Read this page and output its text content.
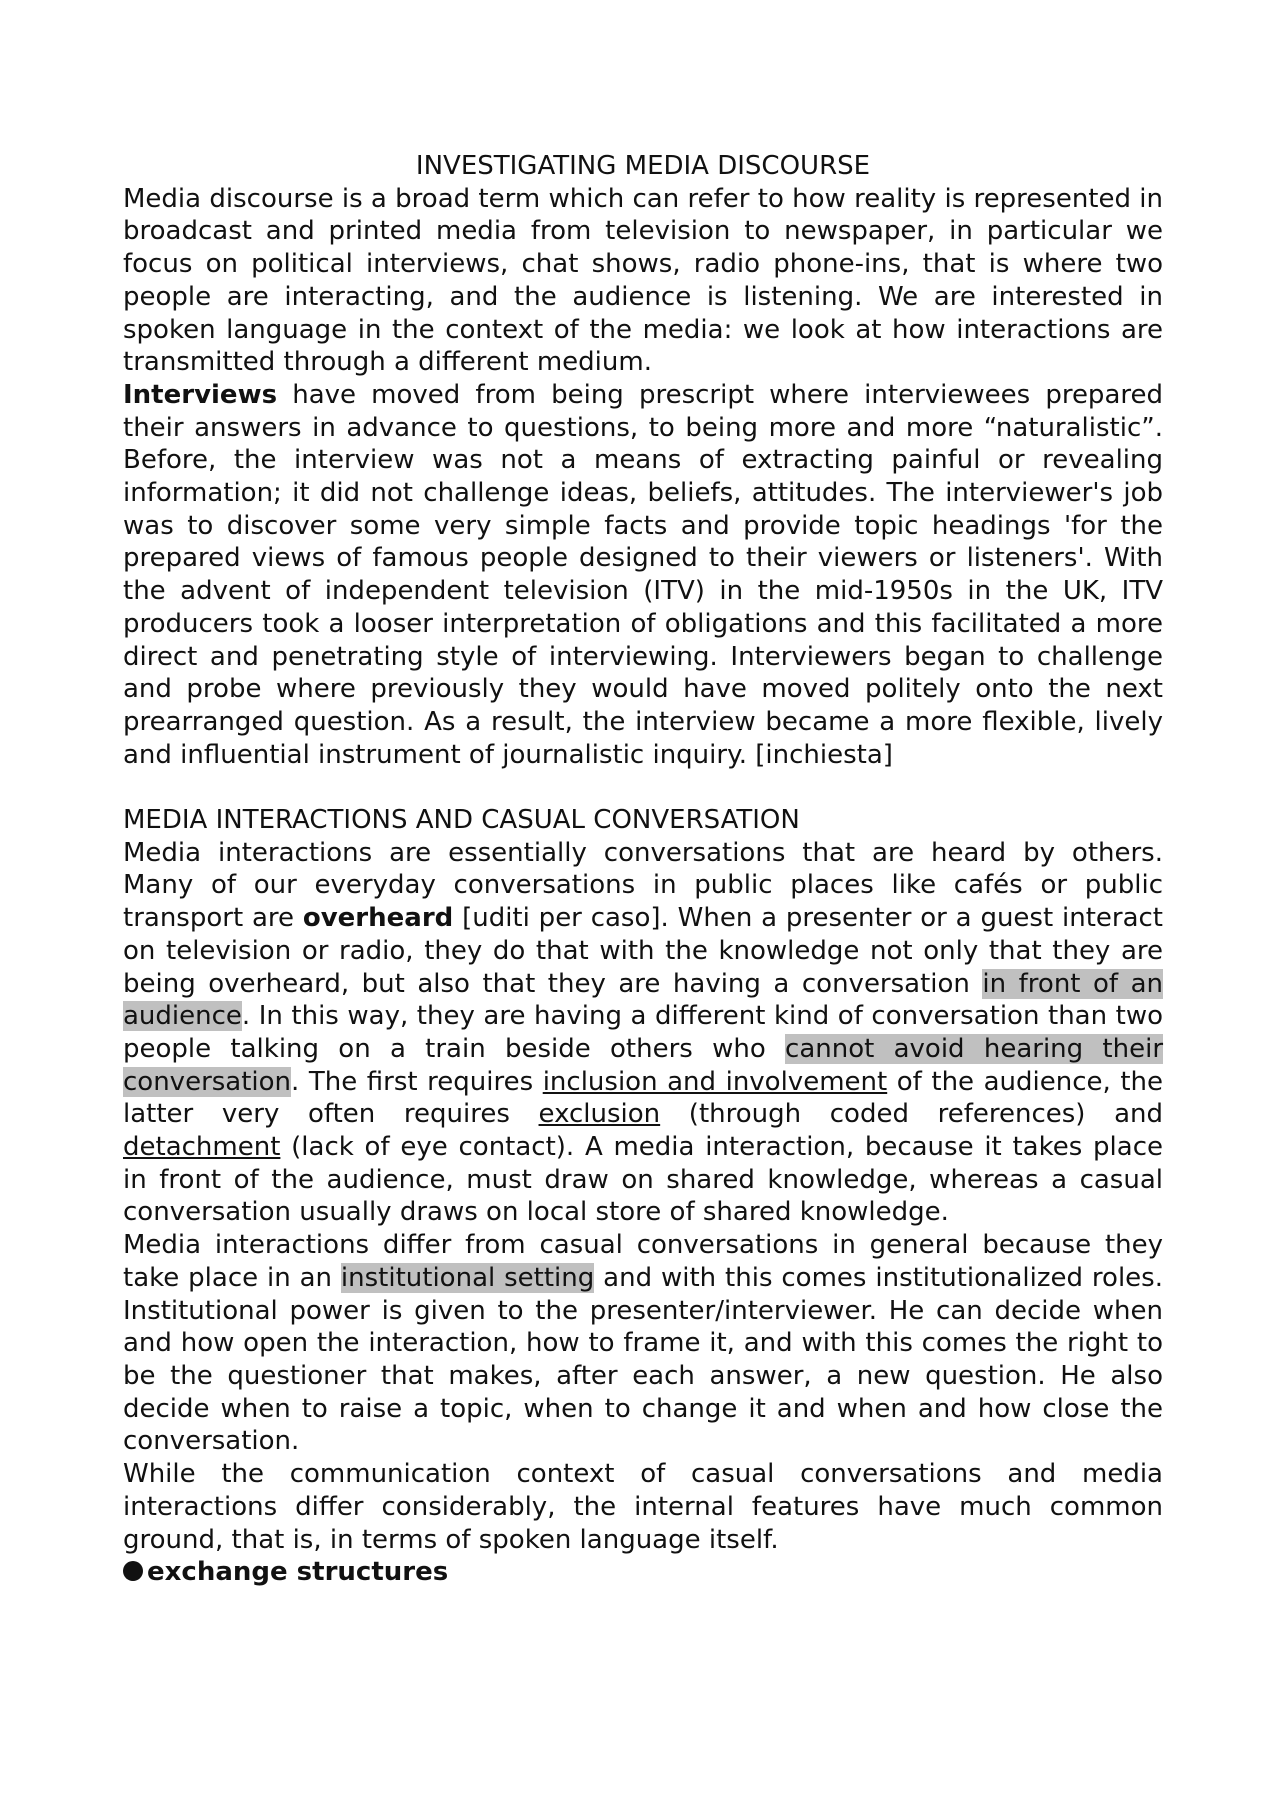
INVESTIGATING MEDIA DISCOURSE

Media discourse is a broad term which can refer to how reality is represented in broadcast and printed media from television to newspaper, in particular we focus on political interviews, chat shows, radio phone-ins, that is where two people are interacting, and the audience is listening. We are interested in spoken language in the context of the media: we look at how interactions are transmitted through a different medium.

Interviews have moved from being prescript where interviewees prepared their answers in advance to questions, to being more and more “naturalistic”. Before, the interview was not a means of extracting painful or revealing information; it did not challenge ideas, beliefs, attitudes. The interviewer's job was to discover some very simple facts and provide topic headings 'for the prepared views of famous people designed to their viewers or listeners'. With the advent of independent television (ITV) in the mid-1950s in the UK, ITV producers took a looser interpretation of obligations and this facilitated a more direct and penetrating style of interviewing. Interviewers began to challenge and probe where previously they would have moved politely onto the next prearranged question. As a result, the interview became a more flexible, lively and influential instrument of journalistic inquiry. [inchiesta]

MEDIA INTERACTIONS AND CASUAL CONVERSATION

Media interactions are essentially conversations that are heard by others. Many of our everyday conversations in public places like cafés or public transport are overheard [uditi per caso]. When a presenter or a guest interact on television or radio, they do that with the knowledge not only that they are being overheard, but also that they are having a conversation in front of an audience. In this way, they are having a different kind of conversation than two people talking on a train beside others who cannot avoid hearing their conversation. The first requires inclusion and involvement of the audience, the latter very often requires exclusion (through coded references) and detachment (lack of eye contact). A media interaction, because it takes place in front of the audience, must draw on shared knowledge, whereas a casual conversation usually draws on local store of shared knowledge.

Media interactions differ from casual conversations in general because they take place in an institutional setting and with this comes institutionalized roles. Institutional power is given to the presenter/interviewer. He can decide when and how open the interaction, how to frame it, and with this comes the right to be the questioner that makes, after each answer, a new question. He also decide when to raise a topic, when to change it and when and how close the conversation.

While the communication context of casual conversations and media interactions differ considerably, the internal features have much common ground, that is, in terms of spoken language itself.

exchange structures
